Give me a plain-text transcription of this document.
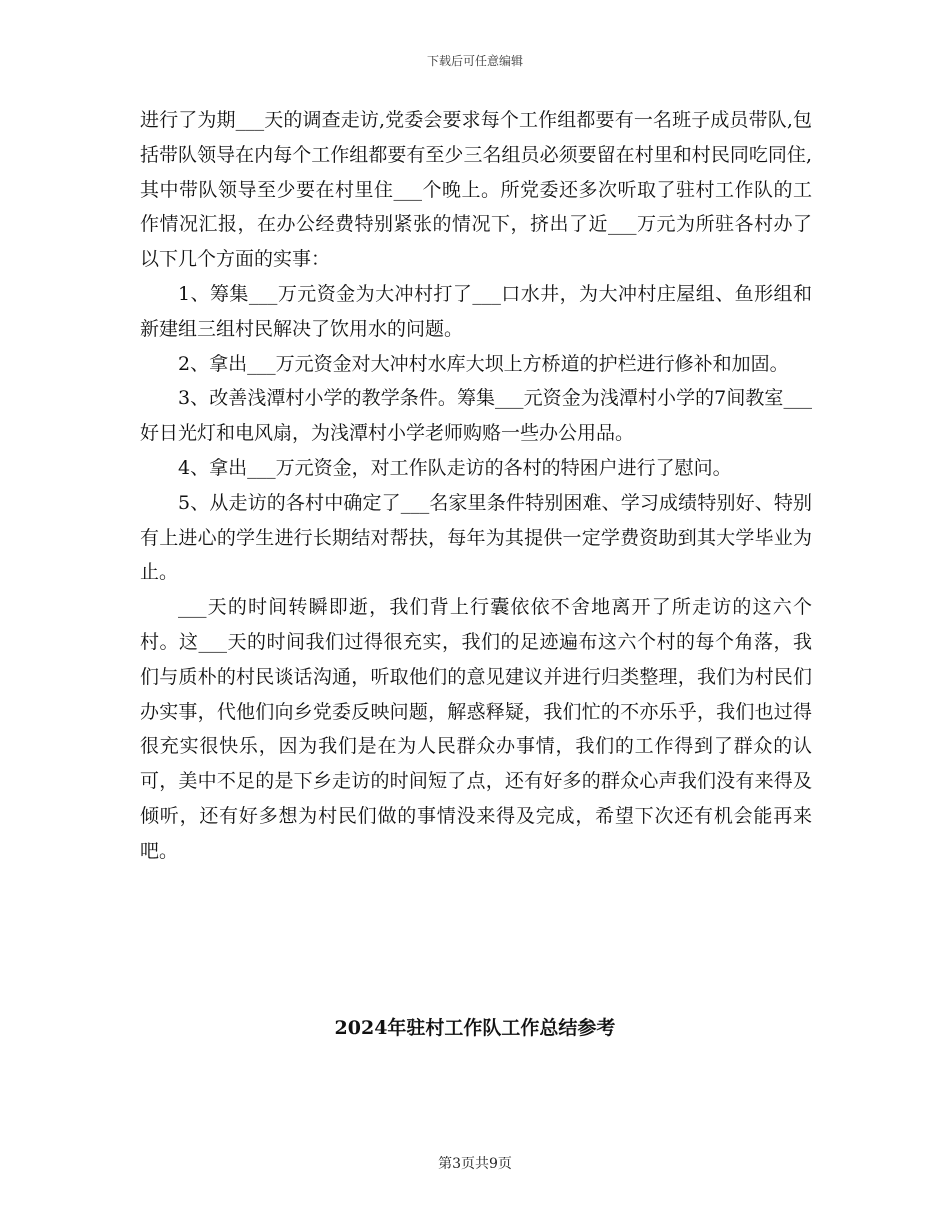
下载后可任意编辑

进行了为期___天的调查走访,党委会要求每个工作组都要有一名班子成员带队,包括带队领导在内每个工作组都要有至少三名组员必须要留在村里和村民同吃同住,其中带队领导至少要在村里住___个晚上。所党委还多次听取了驻村工作队的工作情况汇报，在办公经费特别紧张的情况下，挤出了近___万元为所驻各村办了以下几个方面的实事：

1、筹集___万元资金为大冲村打了___口水井，为大冲村庄屋组、鱼形组和新建组三组村民解决了饮用水的问题。

2、拿出___万元资金对大冲村水库大坝上方桥道的护栏进行修补和加固。

3、改善浅潭村小学的教学条件。筹集___元资金为浅潭村小学的7间教室___好日光灯和电风扇，为浅潭村小学老师购赂一些办公用品。

4、拿出___万元资金，对工作队走访的各村的特困户进行了慰问。

5、从走访的各村中确定了___名家里条件特别困难、学习成绩特别好、特别有上进心的学生进行长期结对帮扶，每年为其提供一定学费资助到其大学毕业为止。

___天的时间转瞬即逝，我们背上行囊依依不舍地离开了所走访的这六个村。这___天的时间我们过得很充实，我们的足迹遍布这六个村的每个角落，我们与质朴的村民谈话沟通，听取他们的意见建议并进行归类整理，我们为村民们办实事，代他们向乡党委反映问题，解惑释疑，我们忙的不亦乐乎，我们也过得很充实很快乐，因为我们是在为人民群众办事情，我们的工作得到了群众的认可，美中不足的是下乡走访的时间短了点，还有好多的群众心声我们没有来得及倾听，还有好多想为村民们做的事情没来得及完成，希望下次还有机会能再来吧。

2024年驻村工作队工作总结参考
第3页共9页
